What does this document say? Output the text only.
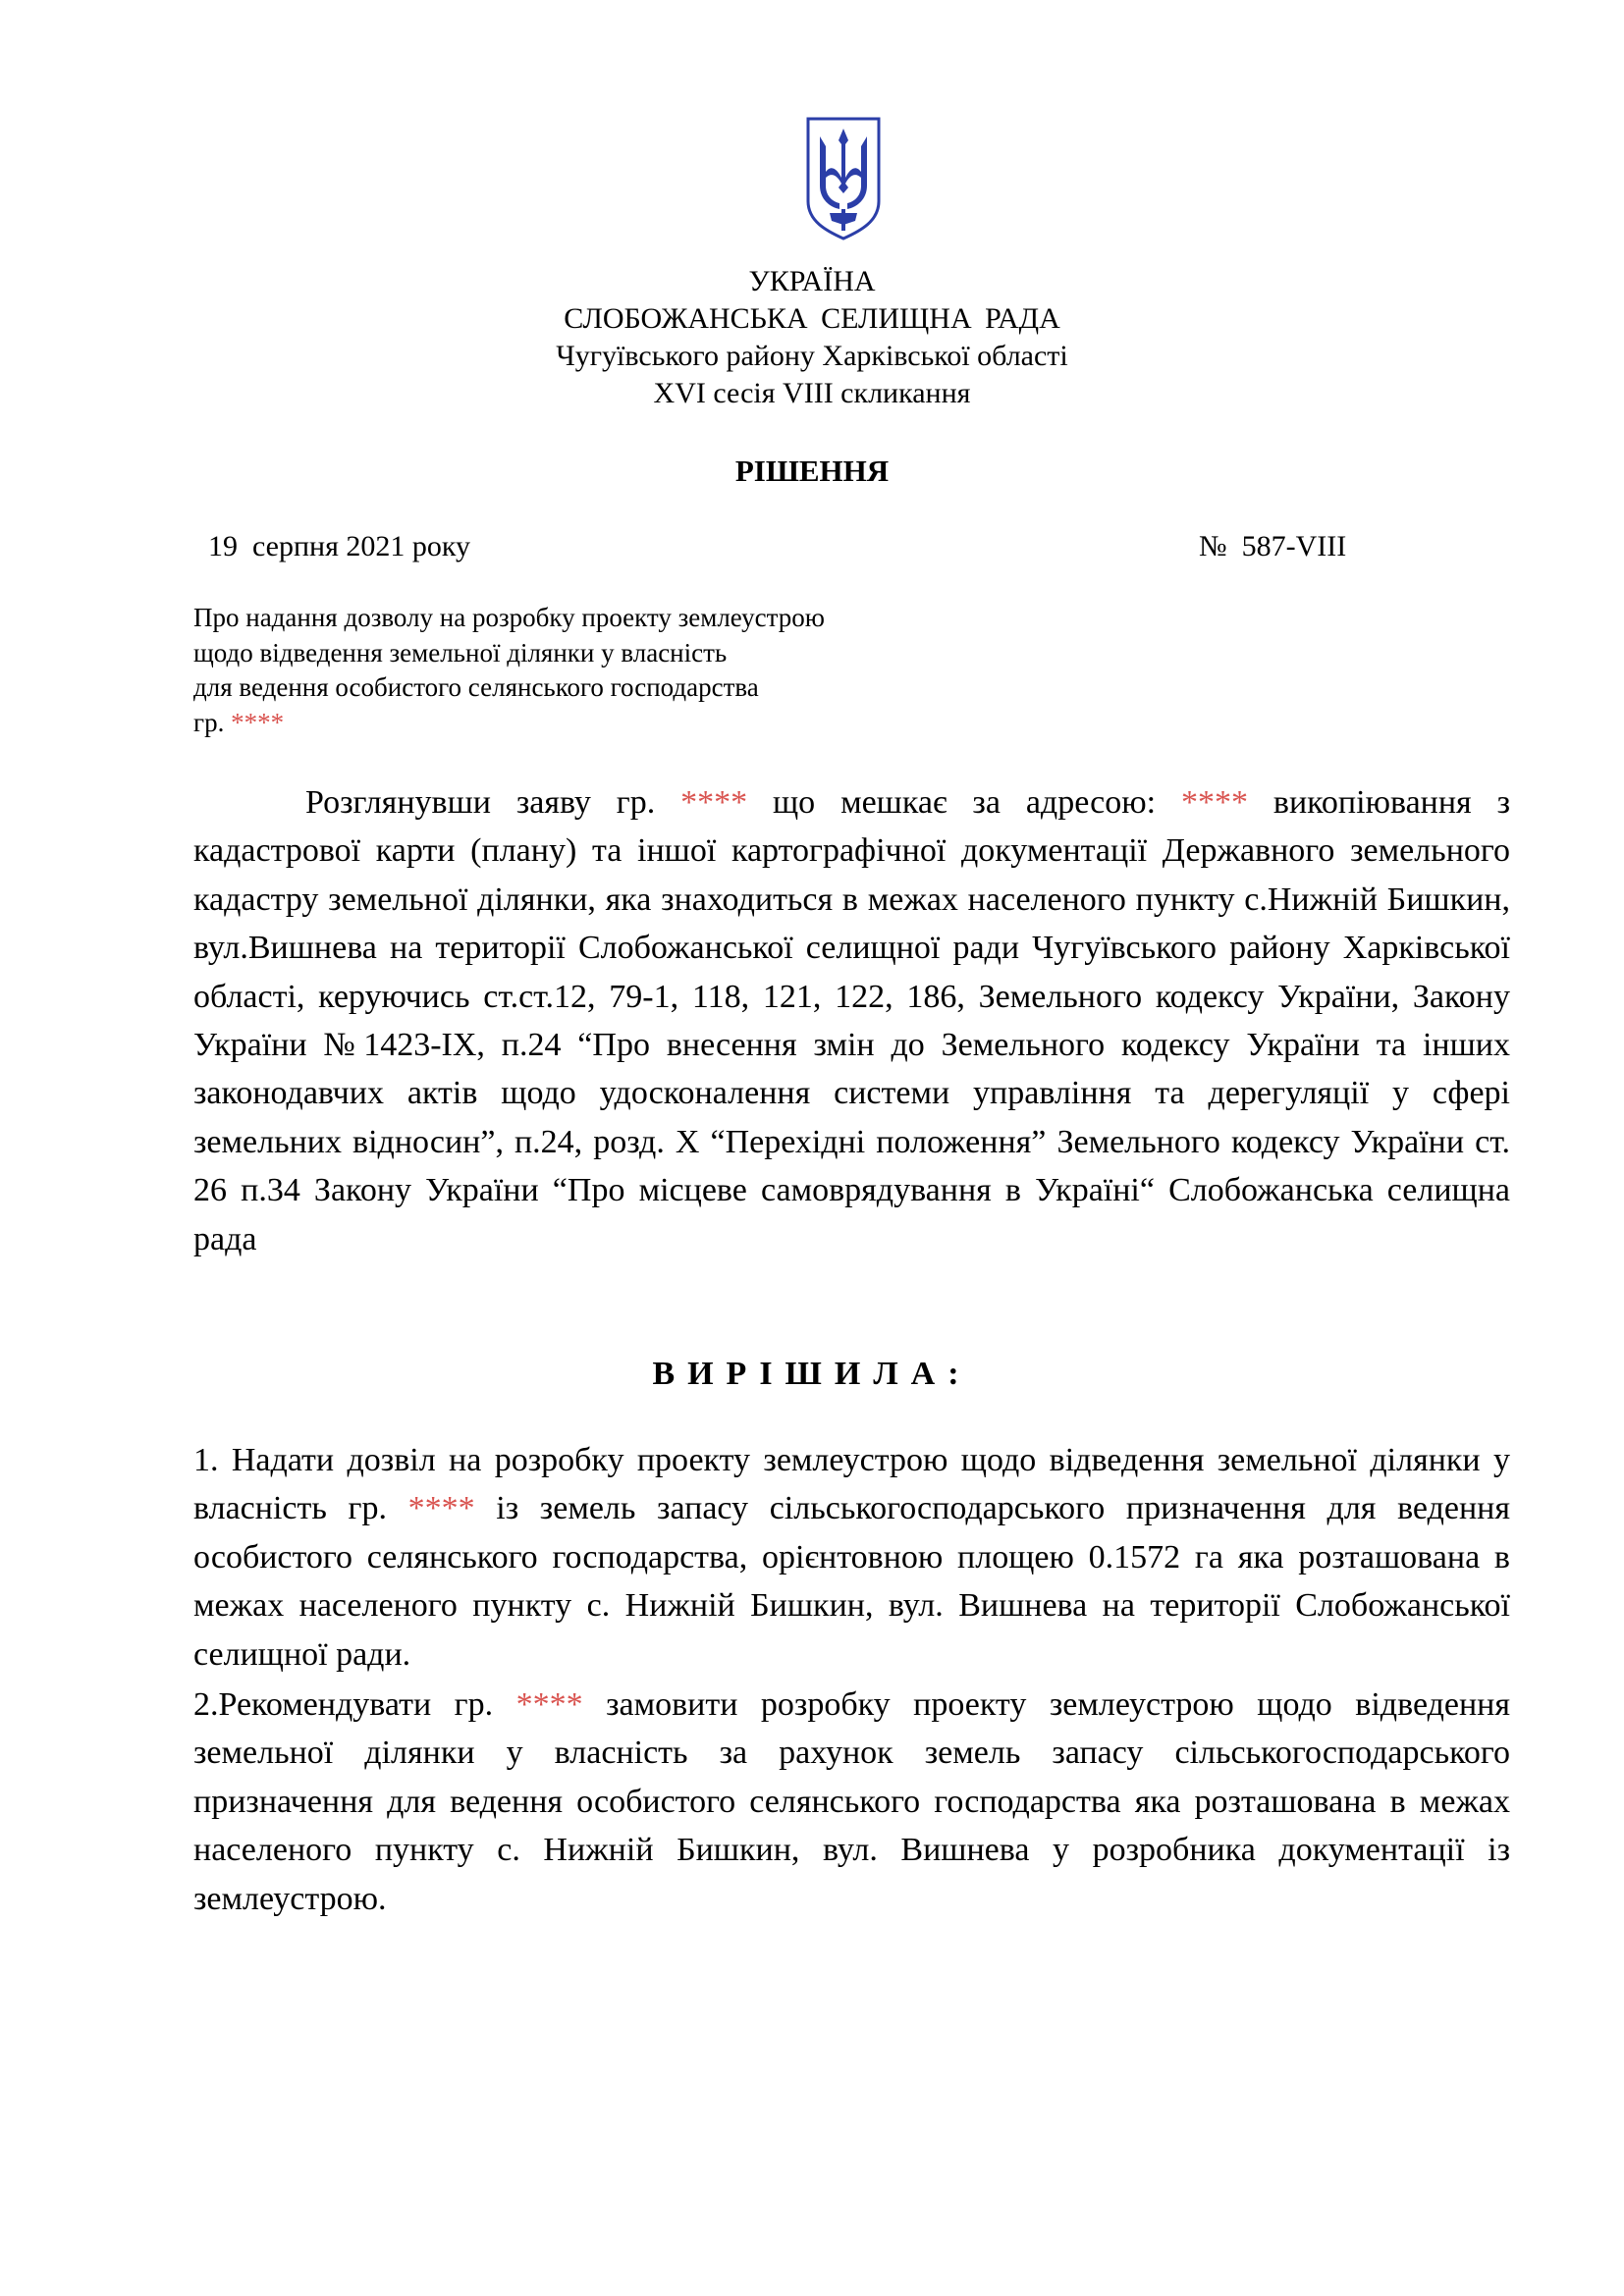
УКРАЇНА
СЛОБОЖАНСЬКА СЕЛИЩНА РАДА
Чугуївського району Харківської області
XVI сесія VIII скликання
РІШЕННЯ
19  серпня 2021 року	№  587-VIII
Про надання дозволу на розробку проекту землеустрою
щодо відведення земельної ділянки у власність
для ведення особистого селянського господарства
гр. ****
Розглянувши заяву гр. **** що мешкає за адресою: **** викопіювання з кадастрової карти (плану) та іншої картографічної документації Державного земельного кадастру земельної ділянки, яка знаходиться в межах населеного пункту с.Нижній Бишкин, вул.Вишнева на території Слобожанської селищної ради Чугуївського району Харківської області, керуючись ст.ст.12, 79-1, 118, 121, 122, 186, Земельного кодексу України, Закону України №1423-ІХ, п.24 “Про внесення змін до Земельного кодексу України та інших законодавчих актів щодо удосконалення системи управління та дерегуляції у сфері земельних відносин”, п.24, розд. Х “Перехідні положення” Земельного кодексу України ст. 26 п.34 Закону України “Про місцеве самоврядування в Україні“ Слобожанська селищна рада
ВИРІШИЛА:
1. Надати дозвіл на розробку проекту землеустрою щодо відведення земельної ділянки у власність гр. **** із земель запасу сільськогосподарського призначення для ведення особистого селянського господарства, орієнтовною площею 0.1572 га яка розташована в межах населеного пункту с. Нижній Бишкин, вул. Вишнева на території Слобожанської селищної ради.
2.Рекомендувати гр. **** замовити розробку проекту землеустрою щодо відведення земельної ділянки у власність за рахунок земель запасу сільськогосподарського призначення для ведення особистого селянського господарства яка розташована в межах населеного пункту с. Нижній Бишкин, вул. Вишнева у розробника документації із землеустрою.
